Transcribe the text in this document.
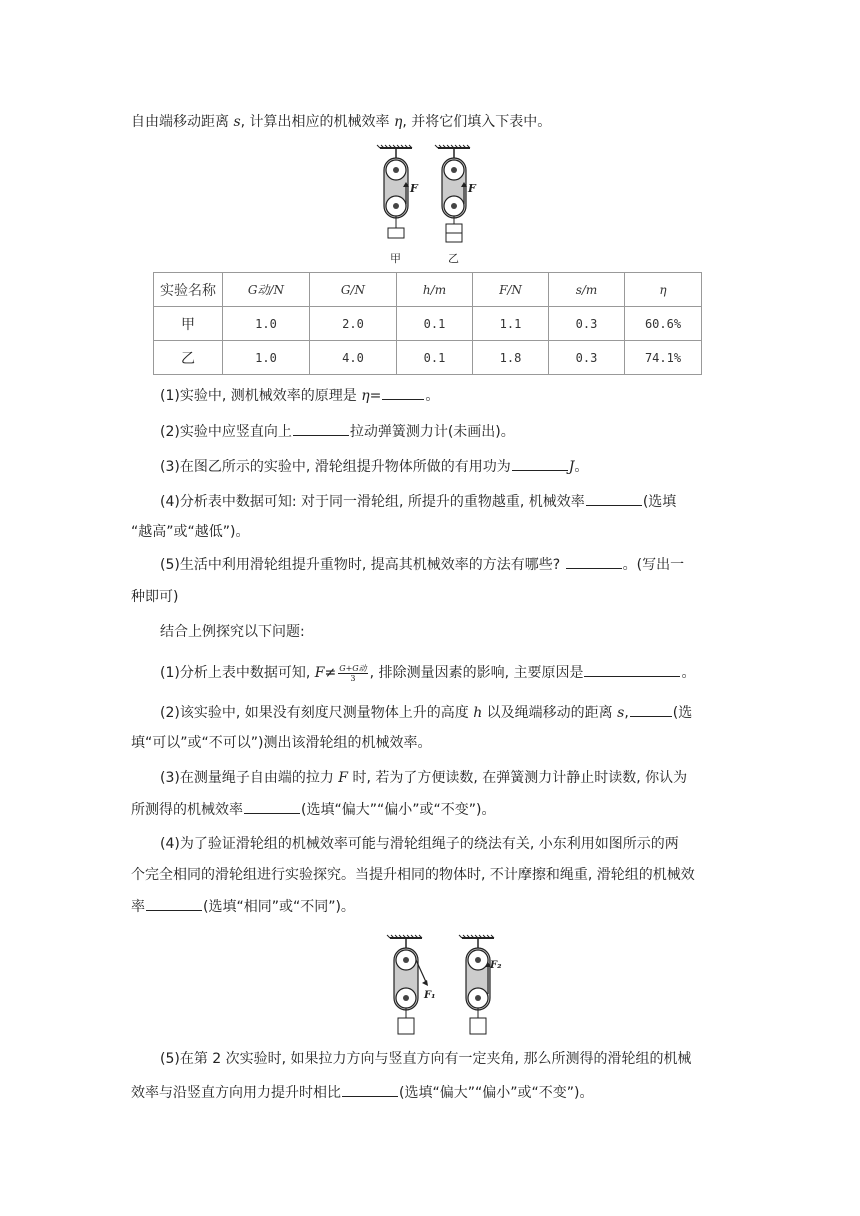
自由端移动距离 s, 计算出相应的机械效率 η, 并将它们填入下表中。
F
甲
F
乙
实验名称	G动/N	G/N	h/m	F/N	s/m	η
甲	1.0	2.0	0.1	1.1	0.3	60.6%
乙	1.0	4.0	0.1	1.8	0.3	74.1%
(1)实验中, 测机械效率的原理是 η=	。
(2)实验中应竖直向上	拉动弹簧测力计(未画出)。
(3)在图乙所示的实验中, 滑轮组提升物体所做的有用功为	J。
(4)分析表中数据可知: 对于同一滑轮组, 所提升的重物越重, 机械效率	(选填
“越高”或“越低”)。
(5)生活中利用滑轮组提升重物时, 提高其机械效率的方法有哪些?	。(写出一
种即可)
结合上例探究以下问题:
(1)分析上表中数据可知, $F\ne \frac{\text{G+G动}}{3}$ , 排除测量因素的影响, 主要原因是	。
(2)该实验中, 如果没有刻度尺测量物体上升的高度 h 以及绳端移动的距离 s,	(选
填“可以”或“不可以”)测出该滑轮组的机械效率。
(3)在测量绳子自由端的拉力 F 时, 若为了方便读数, 在弹簧测力计静止时读数, 你认为
所测得的机械效率	(选填“偏大”“偏小”或“不变”)。
(4)为了验证滑轮组的机械效率可能与滑轮组绳子的绕法有关, 小东利用如图所示的两
个完全相同的滑轮组进行实验探究。当提升相同的物体时, 不计摩擦和绳重, 滑轮组的机械效
率	(选填“相同”或“不同”)。
F₁
F₂
(5)在第 2 次实验时, 如果拉力方向与竖直方向有一定夹角, 那么所测得的滑轮组的机械
效率与沿竖直方向用力提升时相比	(选填“偏大”“偏小”或“不变”)。
